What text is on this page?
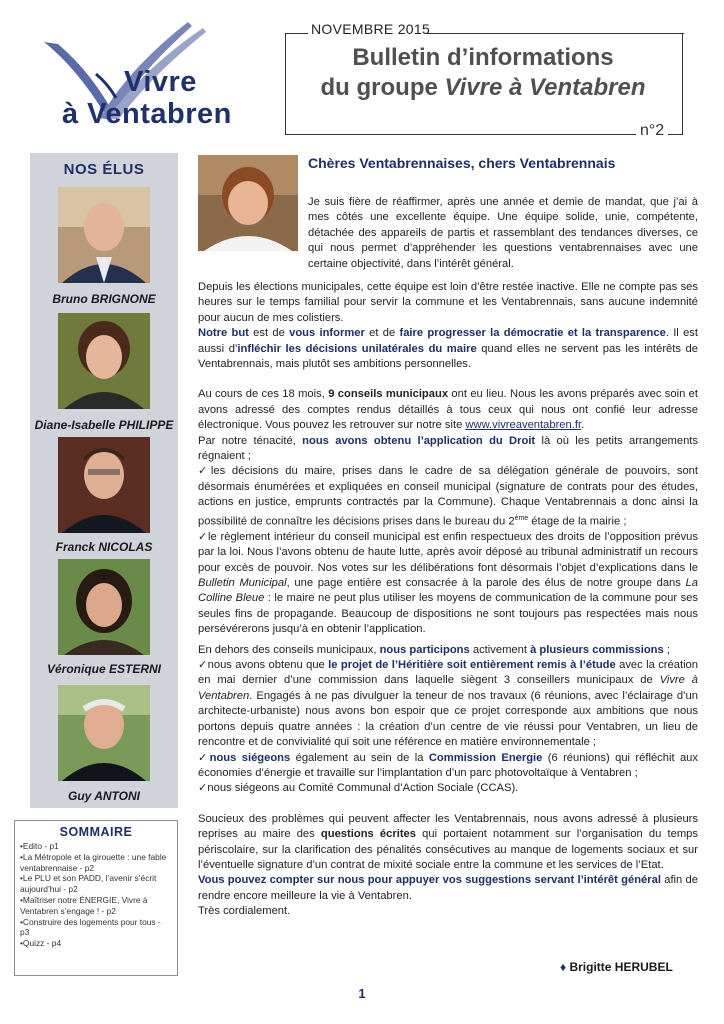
Vivre
à Ventabren
NOVEMBRE 2015
Bulletin d’informations
du groupe Vivre à Ventabren
n°2
NOS ÉLUS
Bruno BRIGNONE
Diane-Isabelle PHILIPPE
Franck NICOLAS
Véronique ESTERNI
Guy ANTONI
SOMMAIRE
•Edito - p1
•La Métropole et la girouette : une fable ventabrennaise - p2
•Le PLU et son PADD, l’avenir s’écrit aujourd’hui - p2
•Maîtriser notre ÉNERGIE, Vivre à Ventabren s’engage ! - p2
•Construire des logements pour tous - p3
•Quizz - p4
Chères Ventabrennaises, chers Ventabrennais

Je suis fière de réaffirmer, après une année et demie de mandat, que j’ai à mes côtés une excellente équipe. Une équipe solide, unie, compétente, détachée des appareils de partis et rassemblant des tendances diverses, ce qui nous permet d’appréhender les questions ventabrennaises avec une certaine objectivité, dans l’intérêt général.

Depuis les élections municipales, cette équipe est loin d’être restée inactive. Elle ne compte pas ses heures sur le temps familial pour servir la commune et les Ventabrennais, sans aucune indemnité pour aucun de mes colistiers.

Notre but est de vous informer et de faire progresser la démocratie et la transparence. Il est aussi d’infléchir les décisions unilatérales du maire quand elles ne servent pas les intérêts de Ventabrennais, mais plutôt ses ambitions personnelles.

Au cours de ces 18 mois, 9 conseils municipaux ont eu lieu. Nous les avons préparés avec soin et avons adressé des comptes rendus détaillés à tous ceux qui nous ont confié leur adresse électronique. Vous pouvez les retrouver sur notre site www.vivreaventabren.fr.

Par notre ténacité, nous avons obtenu l’application du Droit là où les petits arrangements régnaient ;

✓les décisions du maire, prises dans le cadre de sa délégation générale de pouvoirs, sont désormais énumérées et expliquées en conseil municipal (signature de contrats pour des études, actions en justice, emprunts contractés par la Commune). Chaque Ventabrennais a donc ainsi la possibilité de connaître les décisions prises dans le bureau du 2ème étage de la mairie ;

✓le règlement intérieur du conseil municipal est enfin respectueux des droits de l’opposition prévus par la loi. Nous l’avons obtenu de haute lutte, après avoir déposé au tribunal administratif un recours pour excès de pouvoir. Nos votes sur les délibérations font désormais l’objet d’explications dans le Bulletin Municipal, une page entière est consacrée à la parole des élus de notre groupe dans La Colline Bleue : le maire ne peut plus utiliser les moyens de communication de la commune pour ses seules fins de propagande. Beaucoup de dispositions ne sont toujours pas respectées mais nous persévérerons jusqu’à en obtenir l’application.

En dehors des conseils municipaux, nous participons activement à plusieurs commissions ;

✓nous avons obtenu que le projet de l’Héritière soit entièrement remis à l’étude avec la création en mai dernier d’une commission dans laquelle siègent 3 conseillers municipaux de Vivre à Ventabren. Engagés à ne pas divulguer la teneur de nos travaux (6 réunions, avec l’éclairage d’un architecte-urbaniste) nous avons bon espoir que ce projet corresponde aux ambitions que nous portons depuis quatre années : la création d’un centre de vie réussi pour Ventabren, un lieu de rencontre et de convivialité qui soit une référence en matière environnementale ;

✓nous siégeons également au sein de la Commission Energie (6 réunions) qui réfléchit aux économies d’énergie et travaille sur l’implantation d’un parc photovoltaïque à Ventabren ;

✓nous siégeons au Comité Communal d’Action Sociale (CCAS).

Soucieux des problèmes qui peuvent affecter les Ventabrennais, nous avons adressé à plusieurs reprises au maire des questions écrites qui portaient notamment sur l’organisation du temps périscolaire, sur la clarification des pénalités consécutives au manque de logements sociaux et sur l’éventuelle signature d’un contrat de mixité sociale entre la commune et les services de l’Etat.

Vous pouvez compter sur nous pour appuyer vos suggestions servant l’intérêt général afin de rendre encore meilleure la vie à Ventabren.

Très cordialement.

♦ Brigitte HERUBEL
1
